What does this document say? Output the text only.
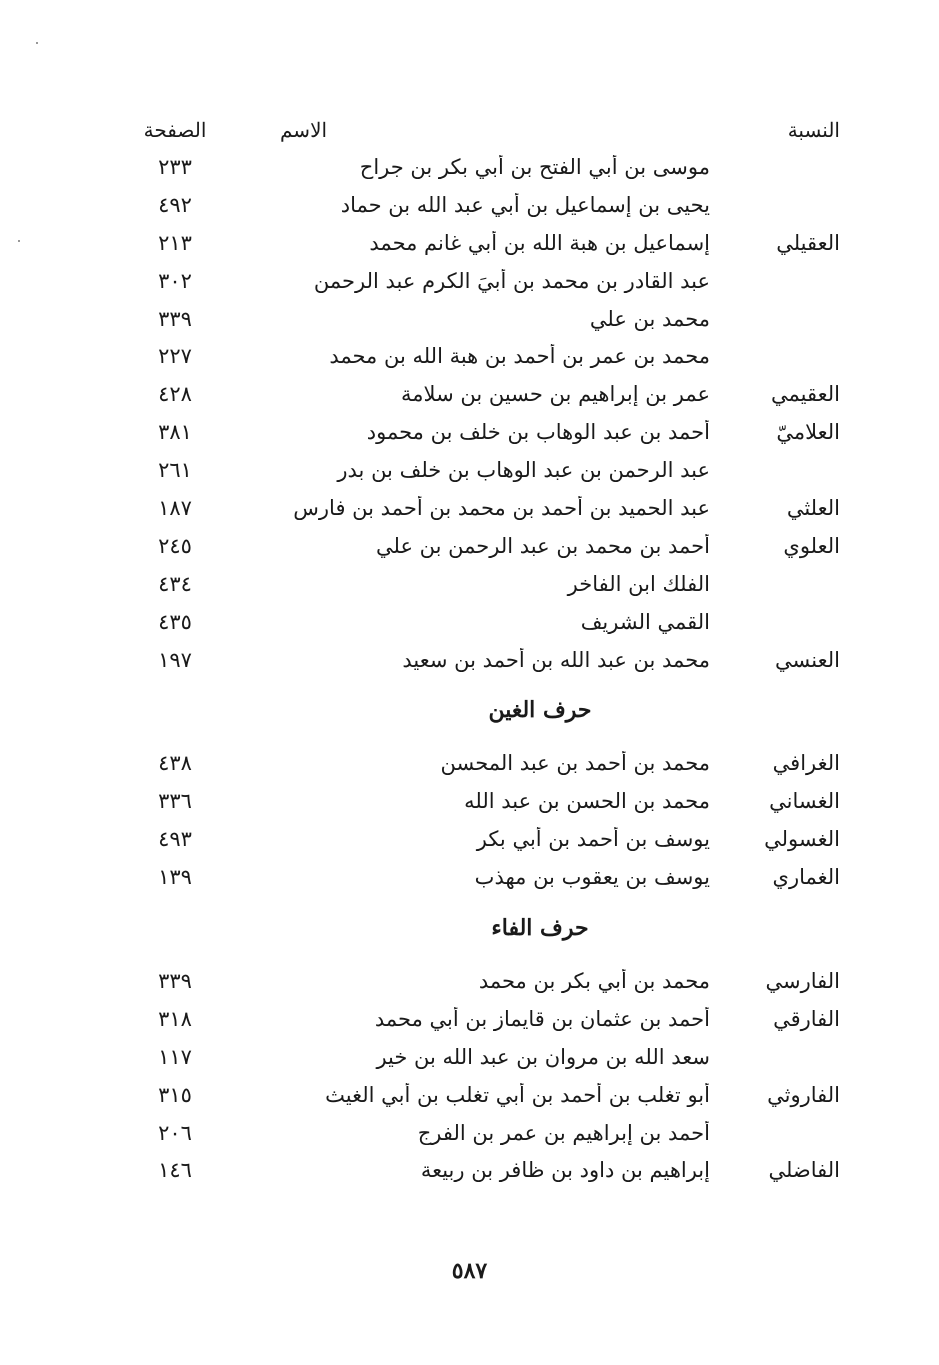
النسبة
الاسم
الصفحة
موسى بن أبي الفتح بن أبي بكر بن جراح
٢٣٣
يحيى بن إسماعيل بن أبي عبد الله بن حماد
٤٩٢
العقيلي
إسماعيل بن هبة الله بن أبي غانم محمد
٢١٣
عبد القادر بن محمد بن أبيَ الكرم عبد الرحمن
٣٠٢
محمد بن علي
٣٣٩
محمد بن عمر بن أحمد بن هبة الله بن محمد
٢٢٧
العقيمي
عمر بن إبراهيم بن حسين بن سلامة
٤٢٨
العلاميّ
أحمد بن عبد الوهاب بن خلف بن محمود
٣٨١
عبد الرحمن بن عبد الوهاب بن خلف بن بدر
٢٦١
العلثي
عبد الحميد بن أحمد بن محمد بن أحمد بن فارس
١٨٧
العلوي
أحمد بن محمد بن عبد الرحمن بن علي
٢٤٥
الفلك ابن الفاخر
٤٣٤
القمي الشريف
٤٣٥
العنسي
محمد بن عبد الله بن أحمد بن سعيد
١٩٧
حرف الغين
الغرافي
محمد بن أحمد بن عبد المحسن
٤٣٨
الغساني
محمد بن الحسن بن عبد الله
٣٣٦
الغسولي
يوسف بن أحمد بن أبي بكر
٤٩٣
الغماري
يوسف بن يعقوب بن مهذب
١٣٩
حرف الفاء
الفارسي
محمد بن أبي بكر بن محمد
٣٣٩
الفارقي
أحمد بن عثمان بن قايماز بن أبي محمد
٣١٨
سعد الله بن مروان بن عبد الله بن خير
١١٧
الفاروثي
أبو تغلب بن أحمد بن أبي تغلب بن أبي الغيث
٣١٥
أحمد بن إبراهيم بن عمر بن الفرج
٢٠٦
الفاضلي
إبراهيم بن داود بن ظافر بن ربيعة
١٤٦
٥٨٧
